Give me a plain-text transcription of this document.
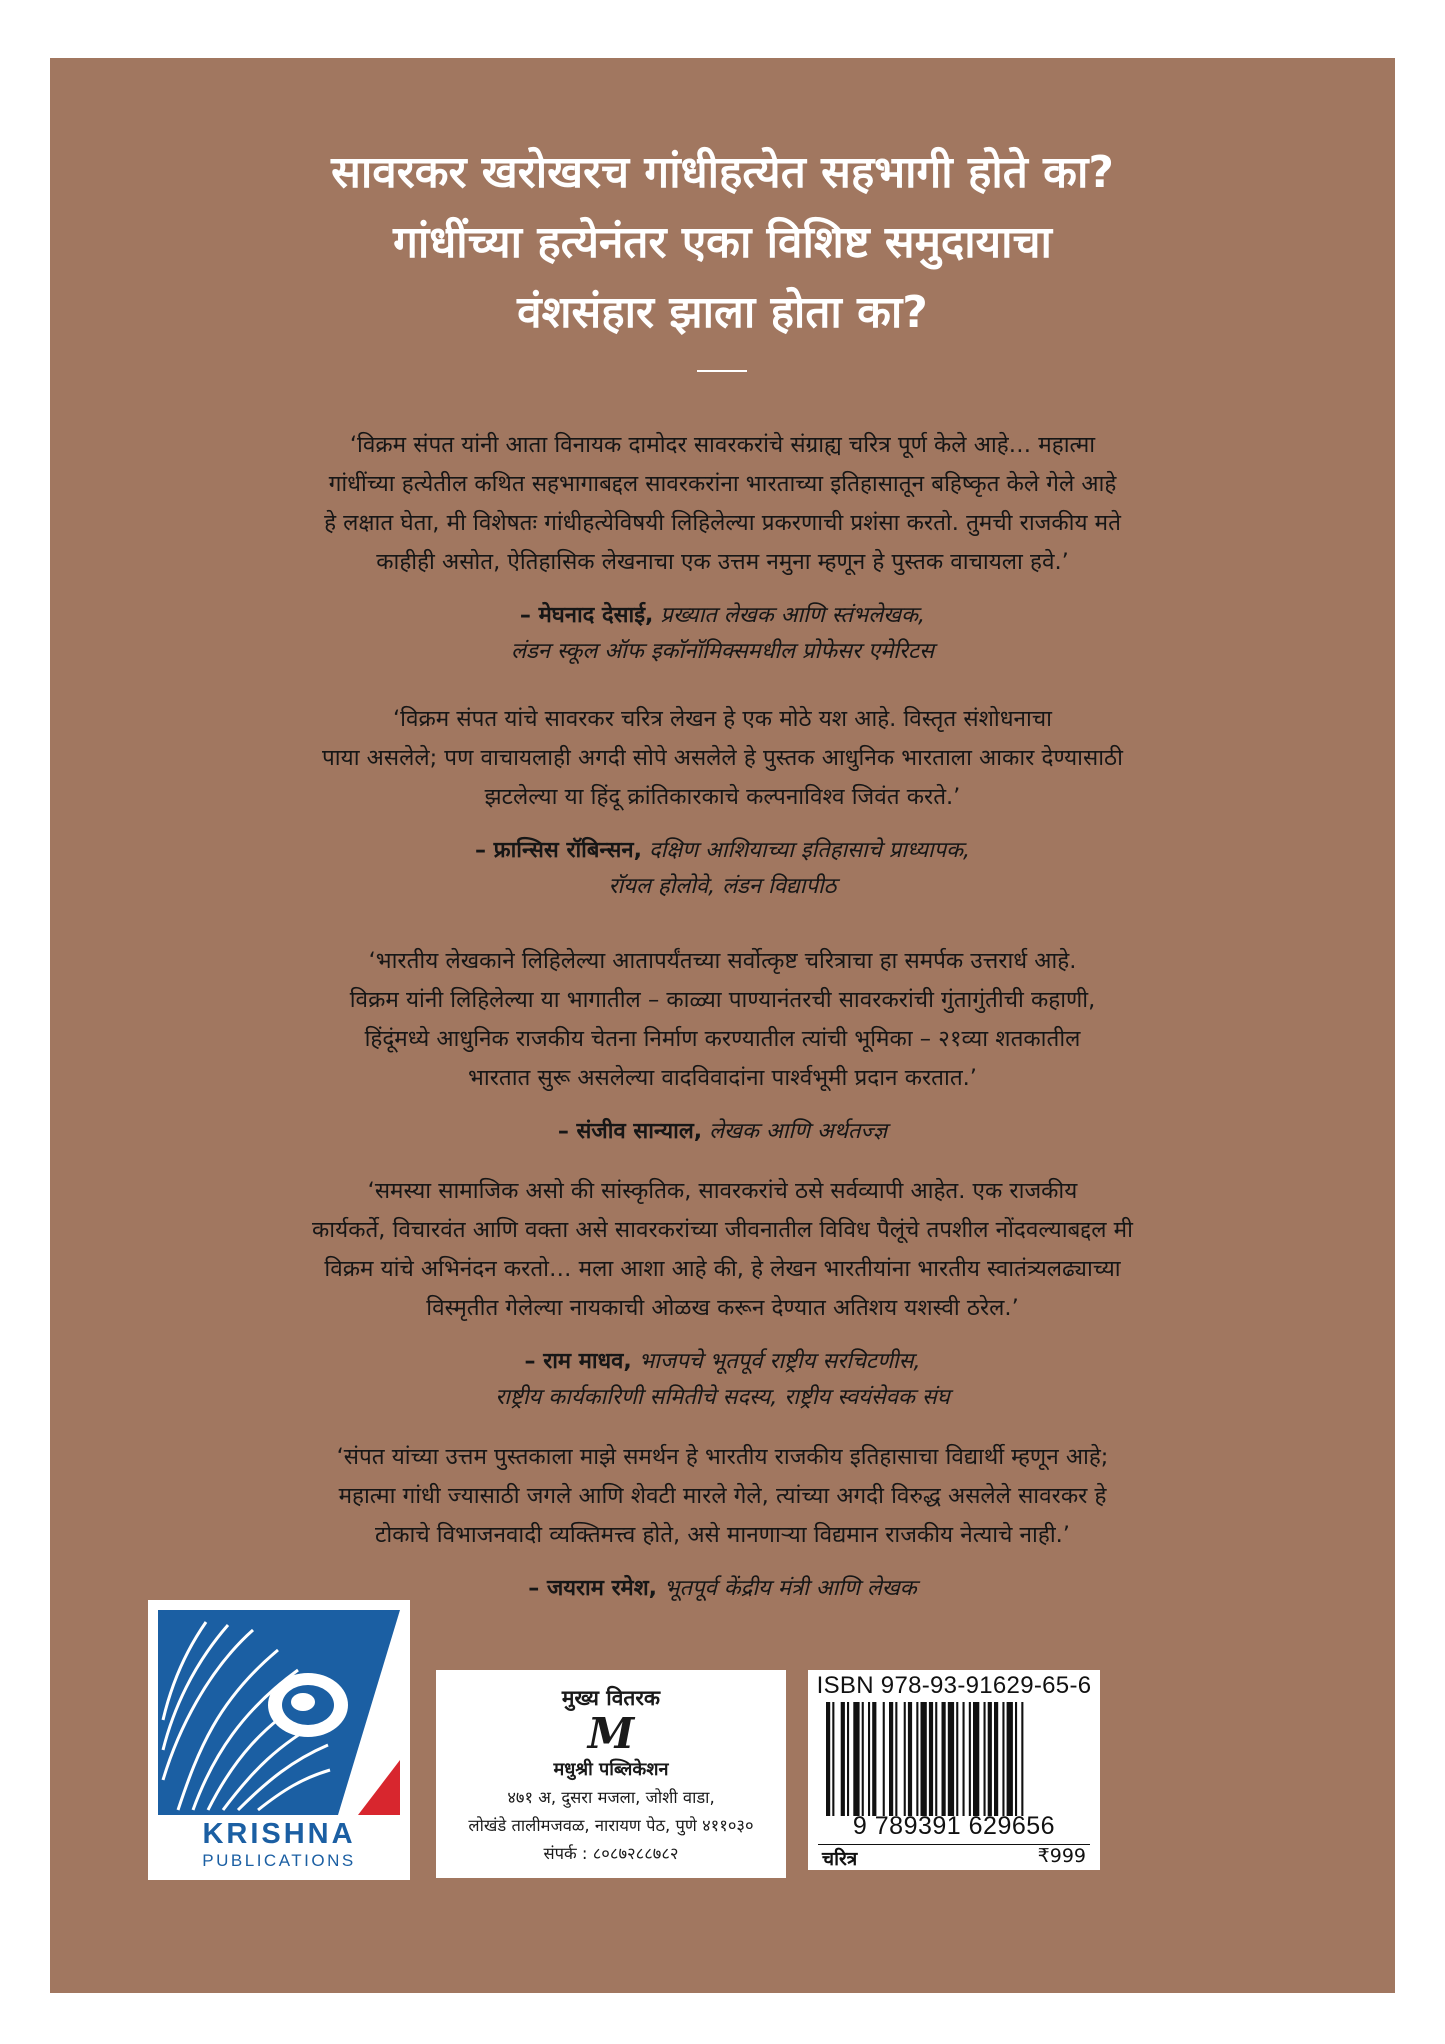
सावरकर खरोखरच गांधीहत्येत सहभागी होते का?
गांधींच्या हत्येनंतर एका विशिष्ट समुदायाचा
वंशसंहार झाला होता का?
‘विक्रम संपत यांनी आता विनायक दामोदर सावरकरांचे संग्राह्य चरित्र पूर्ण केले आहे… महात्मा
गांधींच्या हत्येतील कथित सहभागाबद्दल सावरकरांना भारताच्या इतिहासातून बहिष्कृत केले गेले आहे
हे लक्षात घेता, मी विशेषतः गांधीहत्येविषयी लिहिलेल्या प्रकरणाची प्रशंसा करतो. तुमची राजकीय मते
काहीही असोत, ऐतिहासिक लेखनाचा एक उत्तम नमुना म्हणून हे पुस्तक वाचायला हवे.’
– मेघनाद देसाई, प्रख्यात लेखक आणि स्तंभलेखक,
लंडन स्कूल ऑफ इकॉनॉमिक्समधील प्रोफेसर एमेरिटस
‘विक्रम संपत यांचे सावरकर चरित्र लेखन हे एक मोठे यश आहे. विस्तृत संशोधनाचा
पाया असलेले; पण वाचायलाही अगदी सोपे असलेले हे पुस्तक आधुनिक भारताला आकार देण्यासाठी
झटलेल्या या हिंदू क्रांतिकारकाचे कल्पनाविश्व जिवंत करते.’
– फ्रान्सिस रॉबिन्सन, दक्षिण आशियाच्या इतिहासाचे प्राध्यापक,
रॉयल होलोवे, लंडन विद्यापीठ
‘भारतीय लेखकाने लिहिलेल्या आतापर्यंतच्या सर्वोत्कृष्ट चरित्राचा हा समर्पक उत्तरार्ध आहे.
विक्रम यांनी लिहिलेल्या या भागातील – काळ्या पाण्यानंतरची सावरकरांची गुंतागुंतीची कहाणी,
हिंदूंमध्ये आधुनिक राजकीय चेतना निर्माण करण्यातील त्यांची भूमिका – २१व्या शतकातील
भारतात सुरू असलेल्या वादविवादांना पार्श्वभूमी प्रदान करतात.’
– संजीव सान्याल, लेखक आणि अर्थतज्ज्ञ
‘समस्या सामाजिक असो की सांस्कृतिक, सावरकरांचे ठसे सर्वव्यापी आहेत. एक राजकीय
कार्यकर्ते, विचारवंत आणि वक्ता असे सावरकरांच्या जीवनातील विविध पैलूंचे तपशील नोंदवल्याबद्दल मी
विक्रम यांचे अभिनंदन करतो… मला आशा आहे की, हे लेखन भारतीयांना भारतीय स्वातंत्र्यलढ्याच्या
विस्मृतीत गेलेल्या नायकाची ओळख करून देण्यात अतिशय यशस्वी ठरेल.’
– राम माधव, भाजपचे भूतपूर्व राष्ट्रीय सरचिटणीस,
राष्ट्रीय कार्यकारिणी समितीचे सदस्य, राष्ट्रीय स्वयंसेवक संघ
‘संपत यांच्या उत्तम पुस्तकाला माझे समर्थन हे भारतीय राजकीय इतिहासाचा विद्यार्थी म्हणून आहे;
महात्मा गांधी ज्यासाठी जगले आणि शेवटी मारले गेले, त्यांच्या अगदी विरुद्ध असलेले सावरकर हे
टोकाचे विभाजनवादी व्यक्तिमत्त्व होते, असे मानणाऱ्या विद्यमान राजकीय नेत्याचे नाही.’
– जयराम रमेश, भूतपूर्व केंद्रीय मंत्री आणि लेखक
KRISHNA
PUBLICATIONS
मुख्य वितरक
M
मधुश्री पब्लिकेशन
४७१ अ, दुसरा मजला, जोशी वाडा,
लोखंडे तालीमजवळ, नारायण पेठ, पुणे ४११०३०
संपर्क : ८०८७२८८७८२
ISBN 978-93-91629-65-6
9 789391 629656
चरित्र	₹999
